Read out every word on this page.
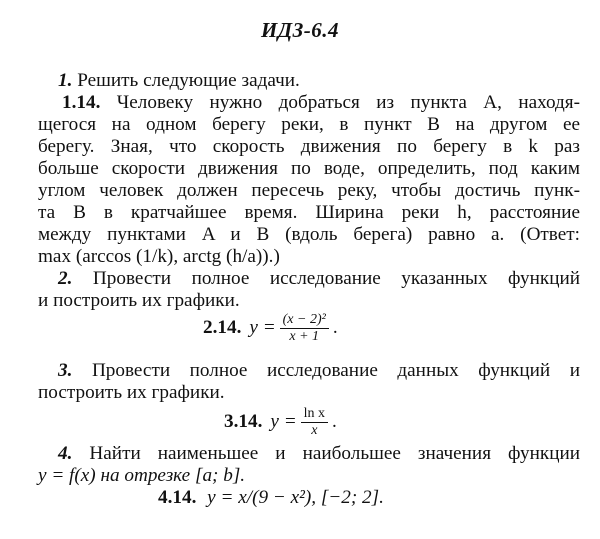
ИДЗ-6.4
1. Решить следующие задачи.
1.14. Человеку нужно добраться из пункта A, находя-
щегося на одном берегу реки, в пункт B на другом ее
берегу. Зная, что скорость движения по берегу в k раз
больше скорости движения по воде, определить, под каким
углом человек должен пересечь реку, чтобы достичь пунк-
та B в кратчайшее время. Ширина реки h, расстояние
между пунктами A и B (вдоль берега) равно a. (Ответ:
max (arccos (1/k), arctg (h/a)).)
2. Провести полное исследование указанных функций
и построить их графики.
2.14. $y = \frac{\text{(x − 2)²}}{x + 1}$ .
3. Провести полное исследование данных функций и
построить их графики.
3.14. $y = \frac{\text{ln x}}{x}$ .
4. Найти наименьшее и наибольшее значения функции
y = f(x) на отрезке [a; b].
4.14. y = x/(9 − x²), [−2; 2].
